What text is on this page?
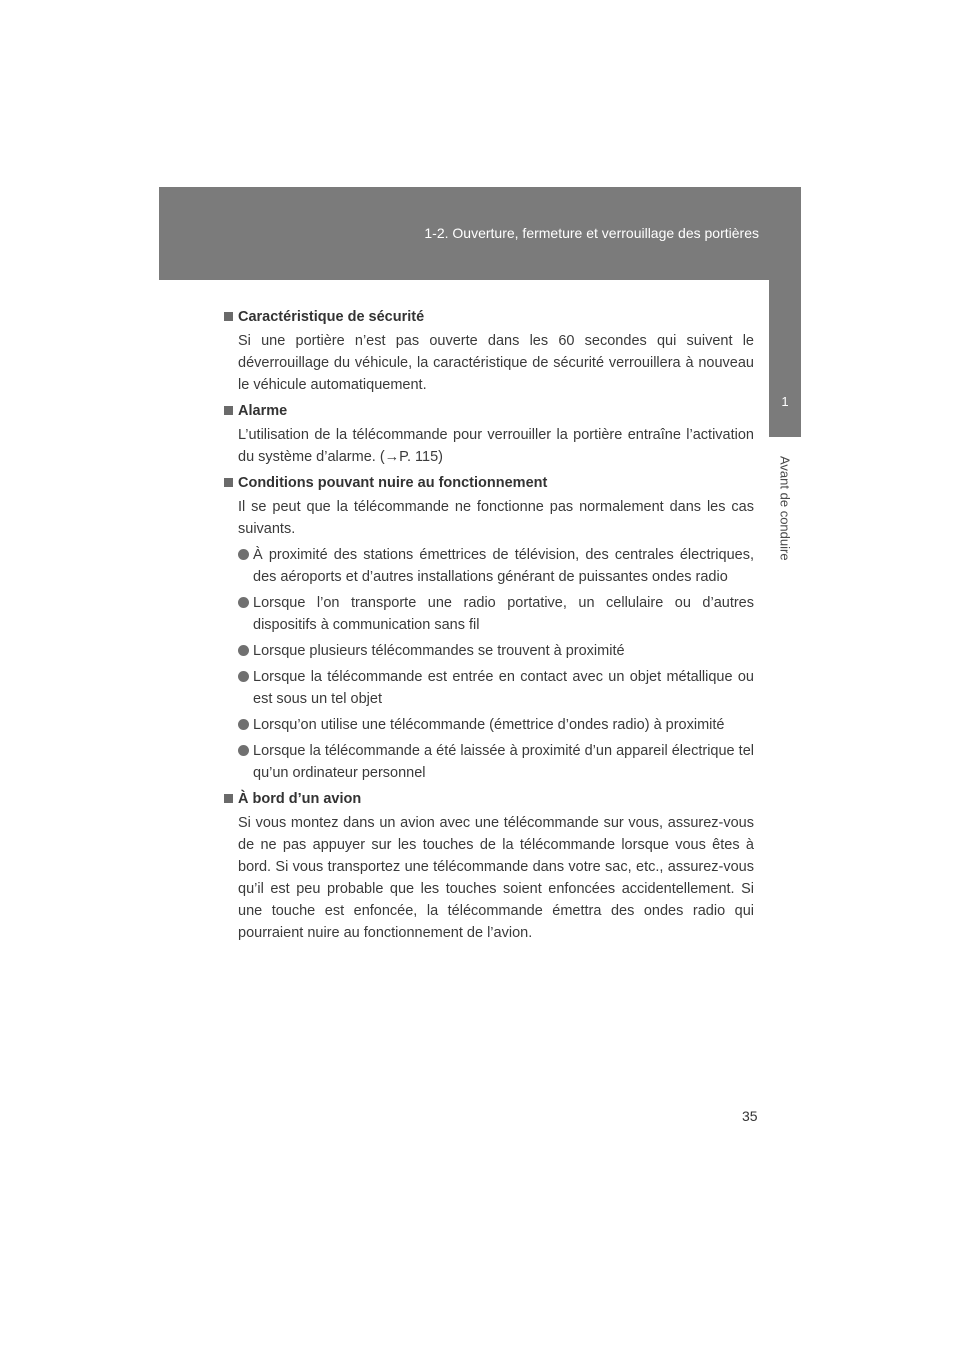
1-2. Ouverture, fermeture et verrouillage des portières
1
Avant de conduire
Caractéristique de sécurité

Si une portière n’est pas ouverte dans les 60 secondes qui suivent le déverrouillage du véhicule, la caractéristique de sécurité verrouillera à nouveau le véhicule automatiquement.

Alarme

L’utilisation de la télécommande pour verrouiller la portière entraîne l’activation du système d’alarme. (→P. 115)

Conditions pouvant nuire au fonctionnement

Il se peut que la télécommande ne fonctionne pas normalement dans les cas suivants.

À proximité des stations émettrices de télévision, des centrales électriques, des aéroports et d’autres installations générant de puissantes ondes radio
Lorsque l’on transporte une radio portative, un cellulaire ou d’autres dispositifs à communication sans fil
Lorsque plusieurs télécommandes se trouvent à proximité
Lorsque la télécommande est entrée en contact avec un objet métallique ou est sous un tel objet
Lorsqu’on utilise une télécommande (émettrice d’ondes radio) à proximité
Lorsque la télécommande a été laissée à proximité d’un appareil électrique tel qu’un ordinateur personnel
À bord d’un avion

Si vous montez dans un avion avec une télécommande sur vous, assurez-vous de ne pas appuyer sur les touches de la télécommande lorsque vous êtes à bord. Si vous transportez une télécommande dans votre sac, etc., assurez-vous qu’il est peu probable que les touches soient enfoncées accidentellement. Si une touche est enfoncée, la télécommande émettra des ondes radio qui pourraient nuire au fonctionnement de l’avion.

35
